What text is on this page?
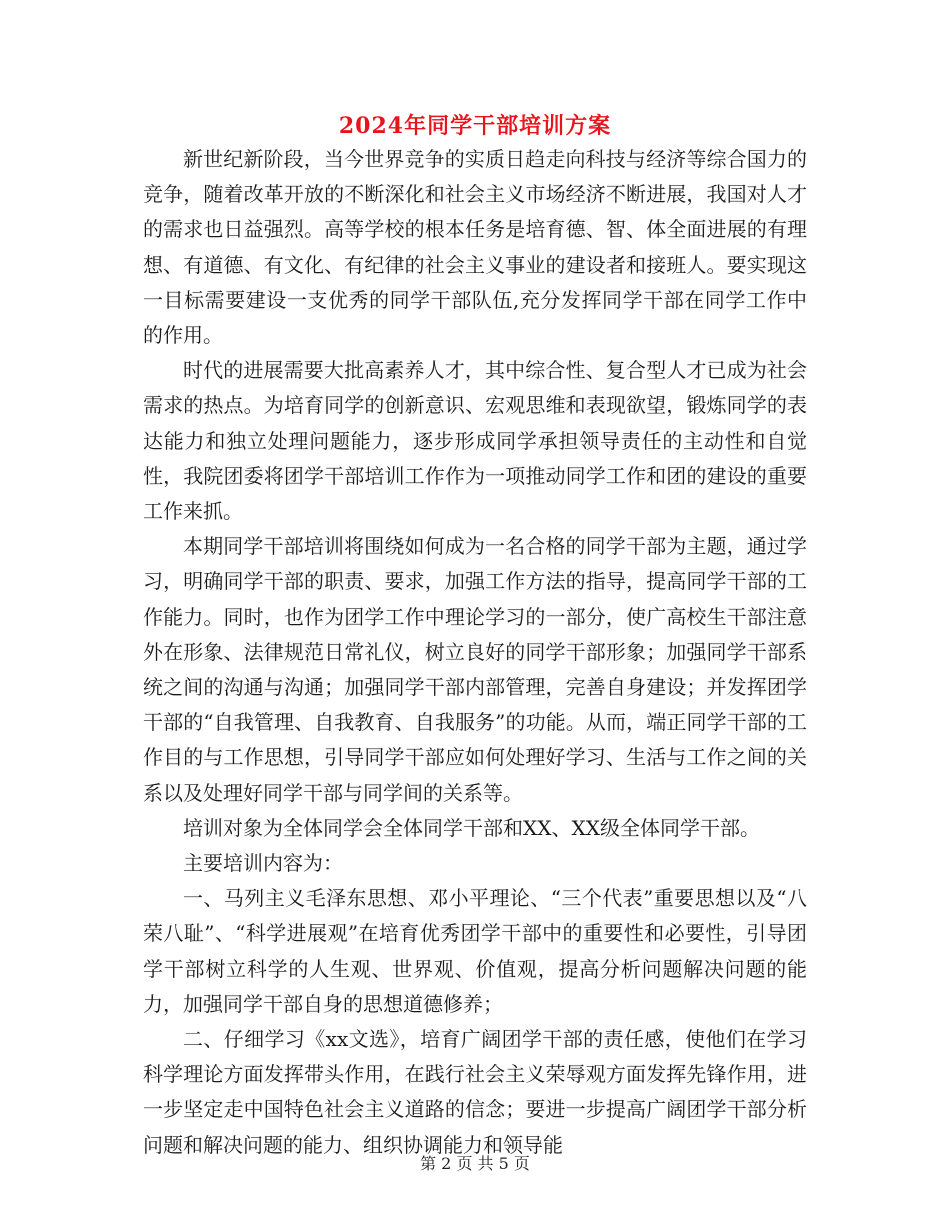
2024年同学干部培训方案

新世纪新阶段，当今世界竞争的实质日趋走向科技与经济等综合国力的竞争，随着改革开放的不断深化和社会主义市场经济不断进展，我国对人才的需求也日益强烈。高等学校的根本任务是培育德、智、体全面进展的有理想、有道德、有文化、有纪律的社会主义事业的建设者和接班人。要实现这一目标需要建设一支优秀的同学干部队伍,充分发挥同学干部在同学工作中的作用。

时代的进展需要大批高素养人才，其中综合性、复合型人才已成为社会需求的热点。为培育同学的创新意识、宏观思维和表现欲望，锻炼同学的表达能力和独立处理问题能力，逐步形成同学承担领导责任的主动性和自觉性，我院团委将团学干部培训工作作为一项推动同学工作和团的建设的重要工作来抓。

本期同学干部培训将围绕如何成为一名合格的同学干部为主题，通过学习，明确同学干部的职责、要求，加强工作方法的指导，提高同学干部的工作能力。同时，也作为团学工作中理论学习的一部分，使广高校生干部注意外在形象、法律规范日常礼仪，树立良好的同学干部形象；加强同学干部系统之间的沟通与沟通；加强同学干部内部管理，完善自身建设；并发挥团学干部的“自我管理、自我教育、自我服务”的功能。从而，端正同学干部的工作目的与工作思想，引导同学干部应如何处理好学习、生活与工作之间的关系以及处理好同学干部与同学间的关系等。

培训对象为全体同学会全体同学干部和XX、XX级全体同学干部。

主要培训内容为：

一、马列主义毛泽东思想、邓小平理论、“三个代表”重要思想以及“八荣八耻”、“科学进展观”在培育优秀团学干部中的重要性和必要性，引导团学干部树立科学的人生观、世界观、价值观，提高分析问题解决问题的能力，加强同学干部自身的思想道德修养；

二、仔细学习《xx文选》，培育广阔团学干部的责任感，使他们在学习科学理论方面发挥带头作用，在践行社会主义荣辱观方面发挥先锋作用，进一步坚定走中国特色社会主义道路的信念；要进一步提高广阔团学干部分析问题和解决问题的能力、组织协调能力和领导能

第 2 页 共 5 页
